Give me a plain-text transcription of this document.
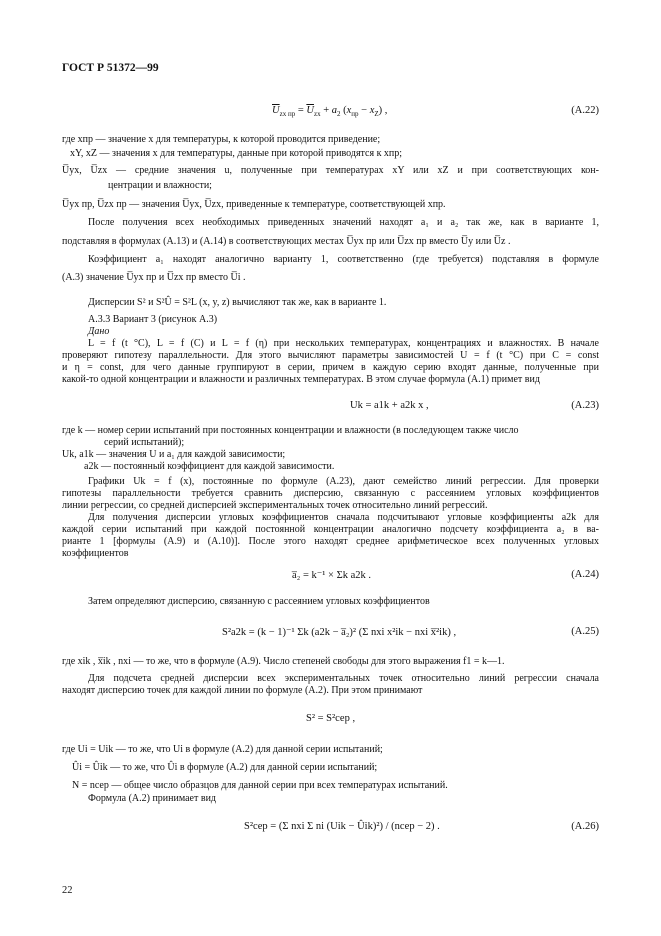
ГОСТ Р 51372—99
$\overline{U}_{zx пр} = \overline{U}_{zx} + a_2$ $(x_{пр} - x_Z)$ ,	(А.22)
где xпр — значение x для температуры, к которой проводится приведение;
xY, xZ — значения x для температуры, данные при которой приводятся к xпр;
U̅yx, U̅zx — средние значения u, полученные при температурах xY или xZ и при соответствующих кон-
центрации и влажности;
U̅yx пр, U̅zx пр — значения U̅yx, U̅zx, приведенные к температуре, соответствующей xпр.
После получения всех необходимых приведенных значений находят a₁ и a₂ так же, как в варианте 1,
подставляя в формулах (А.13) и (А.14) в соответствующих местах U̅yx пр или U̅zx пр вместо U̅y или U̅z .
Коэффициент a₁ находят аналогично варианту 1, соответственно (где требуется) подставляя в формуле
(А.3) значение U̅yx пр и U̅zx пр вместо U̅i .
Дисперсии S² и S²Û = S²L (x, y, z) вычисляют так же, как в варианте 1.
А.3.3 Вариант 3 (рисунок А.3)
Дано
L = f (t °C), L = f (C) и L = f (η) при нескольких температурах, концентрациях и влажностях. В начале
проверяют гипотезу параллельности. Для этого вычисляют параметры зависимостей U = f (t °C) при C = const
и η = const, для чего данные группируют в серии, причем в каждую серию входят данные, полученные при
какой-то одной концентрации и влажности и различных температурах. В этом случае формула (А.1) примет вид
Uk = a1k + a2k x ,	(А.23)
где k — номер серии испытаний при постоянных концентрации и влажности (в последующем также число
серий испытаний);
Uk, a1k — значения U и a₁ для каждой зависимости;
a2k — постоянный коэффициент для каждой зависимости.
Графики Uk = f (x), постоянные по формуле (А.23), дают семейство линий регрессии. Для проверки
гипотезы параллельности требуется сравнить дисперсию, связанную с рассеянием угловых коэффициентов
линии регрессии, со средней дисперсией экспериментальных точек относительно линий регрессий.
Для получения дисперсии угловых коэффициентов сначала подсчитывают угловые коэффициенты a2k для
каждой серии испытаний при каждой постоянной концентрации аналогично подсчету коэффициента a₂ в ва-
рианте 1 [формулы (А.9) и (А.10)]. После этого находят среднее арифметическое всех полученных угловых
коэффициентов
a̅₂ = k⁻¹ × Σk a2k .	(А.24)
Затем определяют дисперсию, связанную с рассеянием угловых коэффициентов
S²a2k = (k − 1)⁻¹ Σk (a2k − a̅₂)² (Σ nxi x²ik − nxi x̅²ik) ,	(А.25)
где xik , x̅ik , nxi — то же, что в формуле (А.9). Число степеней свободы для этого выражения f1 = k—1.
Для подсчета средней дисперсии всех экспериментальных точек относительно линий регрессии сначала
находят дисперсию точек для каждой линии по формуле (А.2). При этом принимают
S² = S²сер ,
где Ui = Uik — то же, что Ui в формуле (А.2) для данной серии испытаний;
Ûi = Ûik — то же, что Ûi в формуле (А.2) для данной серии испытаний;
N = nсер — общее число образцов для данной серии при всех температурах испытаний.
Формула (А.2) принимает вид
S²сер = (Σ nxi Σ ni (Uik − Ûik)²) / (nсер − 2) .	(А.26)
22
